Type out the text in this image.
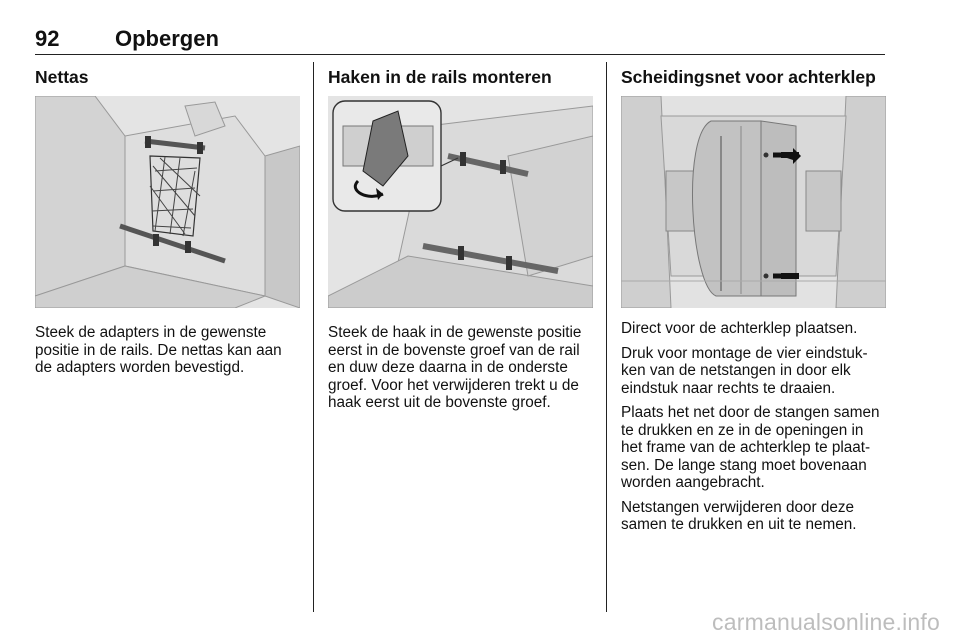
92	Opbergen
Nettas

Steek de adapters in de gewenste positie in de rails. De nettas kan aan de adapters worden bevestigd.

Haken in de rails monteren

Steek de haak in de gewenste positie eerst in de bovenste groef van de rail en duw deze daarna in de onderste groef. Voor het verwijderen trekt u de haak eerst uit de bovenste groef.

Scheidingsnet voor achterklep

Direct voor de achterklep plaatsen.

Druk voor montage de vier eindstuk-ken van de netstangen in door elk eindstuk naar rechts te draaien.

Plaats het net door de stangen samen te drukken en ze in de openingen in het frame van de achterklep te plaat-sen. De lange stang moet bovenaan worden aangebracht.

Netstangen verwijderen door deze samen te drukken en uit te nemen.

carmanualsonline.info
